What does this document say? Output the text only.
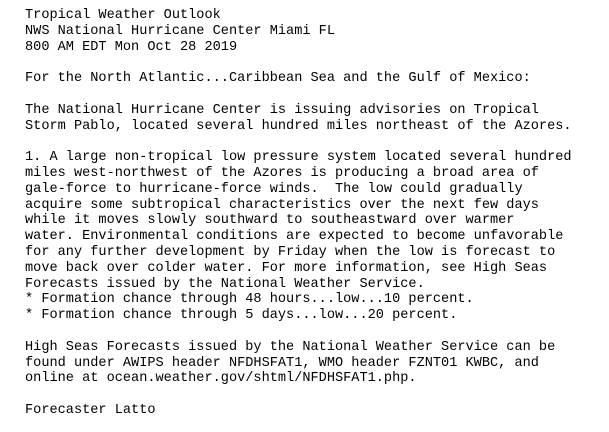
Tropical Weather Outlook
NWS National Hurricane Center Miami FL
800 AM EDT Mon Oct 28 2019
For the North Atlantic...Caribbean Sea and the Gulf of Mexico:
The National Hurricane Center is issuing advisories on Tropical
Storm Pablo, located several hundred miles northeast of the Azores.
1. A large non-tropical low pressure system located several hundred
miles west-northwest of the Azores is producing a broad area of
gale-force to hurricane-force winds.  The low could gradually
acquire some subtropical characteristics over the next few days
while it moves slowly southward to southeastward over warmer
water. Environmental conditions are expected to become unfavorable
for any further development by Friday when the low is forecast to
move back over colder water. For more information, see High Seas
Forecasts issued by the National Weather Service.
* Formation chance through 48 hours...low...10 percent.
* Formation chance through 5 days...low...20 percent.
High Seas Forecasts issued by the National Weather Service can be
found under AWIPS header NFDHSFAT1, WMO header FZNT01 KWBC, and
online at ocean.weather.gov/shtml/NFDHSFAT1.php.
Forecaster Latto
